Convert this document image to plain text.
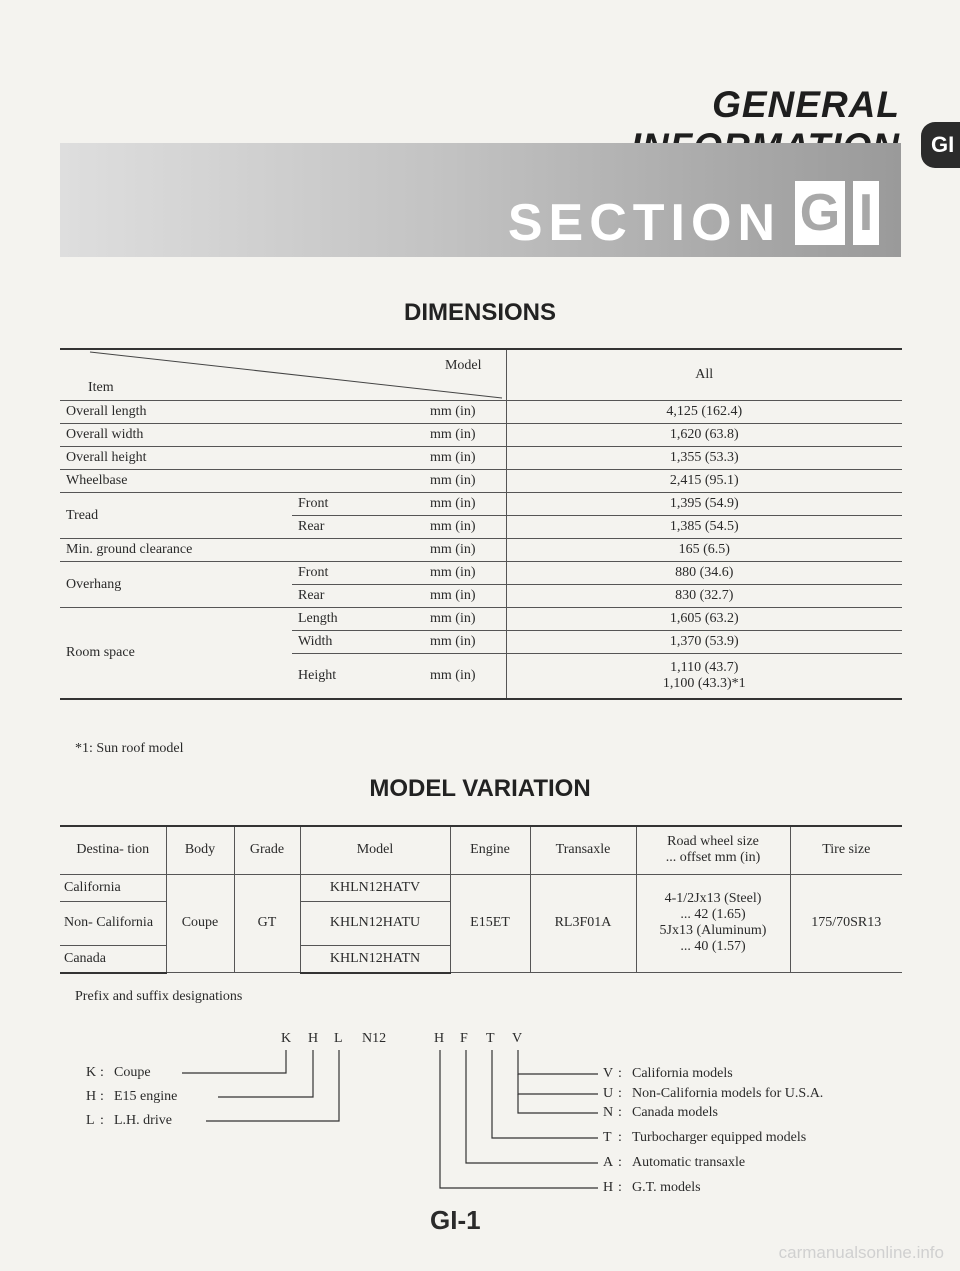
GENERAL
GI
SECTION G I
DIMENSIONS
Model
Item			All
Overall length		mm (in)	4,125 (162.4)
Overall width		mm (in)	1,620 (63.8)
Overall height		mm (in)	1,355 (53.3)
Wheelbase		mm (in)	2,415 (95.1)
Tread	Front	mm (in)	1,395 (54.9)
	Rear	mm (in)	1,385 (54.5)
Min. ground clearance		mm (in)	165 (6.5)
Overhang	Front	mm (in)	880 (34.6)
	Rear	mm (in)	830 (32.7)
Room space	Length	mm (in)	1,605 (63.2)
	Width	mm (in)	1,370 (53.9)
	Height	mm (in)	1,110 (43.7)
1,100 (43.3)*1
*1: Sun roof model
MODEL VARIATION
Destina- tion	Body	Grade	Model	Engine	Transaxle	Road wheel size
... offset mm (in)	Tire size
California	Coupe	GT	KHLN12HATV	E15ET	RL3F01A	4-1/2Jx13 (Steel)
... 42 (1.65)
5Jx13 (Aluminum)
... 40 (1.57)	175/70SR13
Non- California			KHLN12HATU				
Canada			KHLN12HATN				
Prefix and suffix designations
K H L N12	H F T V
K : Coupe
H : E15 engine
L : L.H. drive
V : California models
U : Non-California models for U.S.A.
N : Canada models
T : Turbocharger equipped models
A : Automatic transaxle
H : G.T. models
GI-1
carmanualsonline.info
